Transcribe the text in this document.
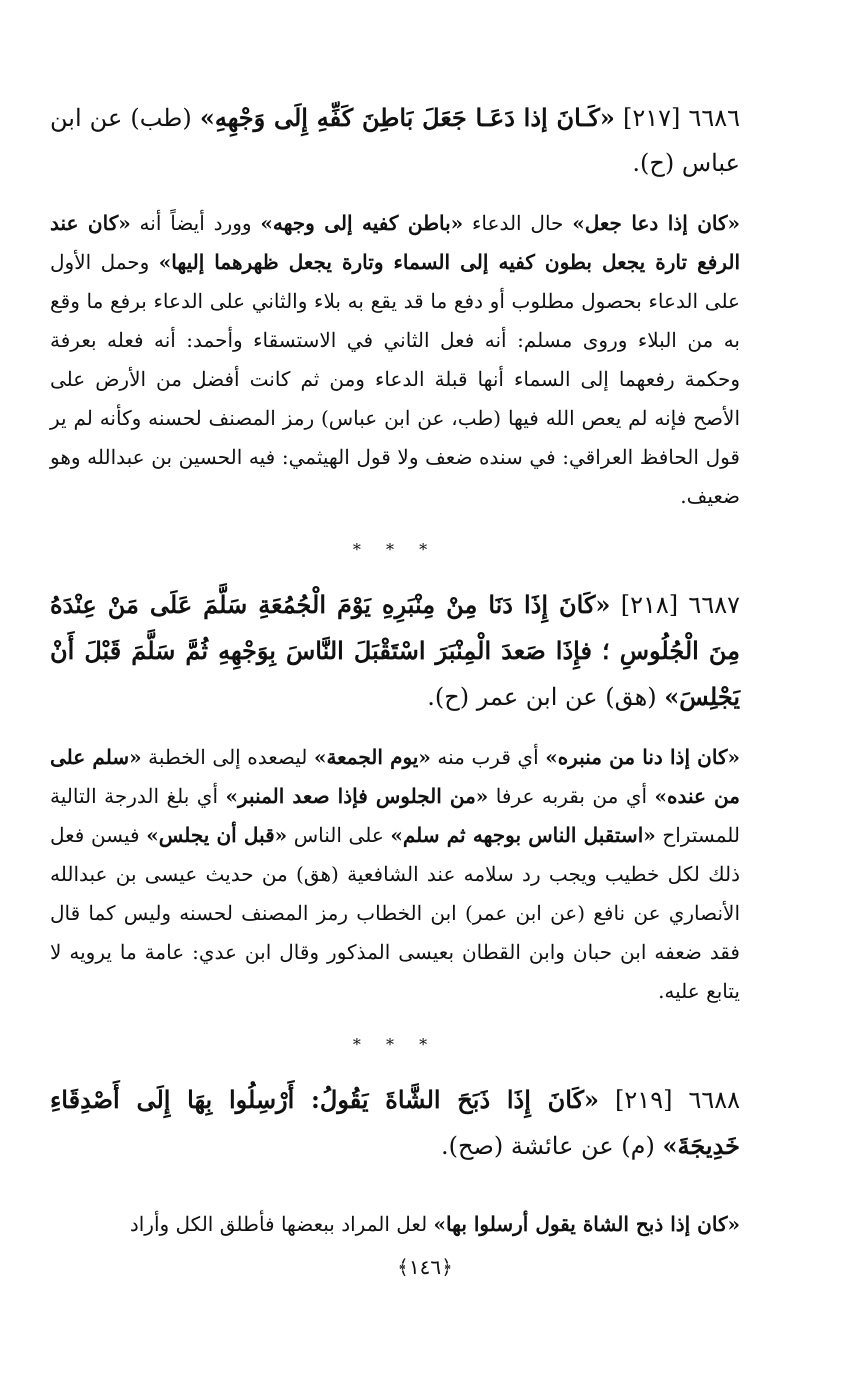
٦٦٨٦ [٢١٧] «كَـانَ إذا دَعَـا جَعَلَ بَاطِنَ كَفِّهِ إِلَى وَجْهِهِ» (طب) عن ابن عباس (ح).

«كان إذا دعا جعل» حال الدعاء «باطن كفيه إلى وجهه» وورد أيضاً أنه «كان عند الرفع تارة يجعل بطون كفيه إلى السماء وتارة يجعل ظهرهما إليها» وحمل الأول على الدعاء بحصول مطلوب أو دفع ما قد يقع به بلاء والثاني على الدعاء برفع ما وقع به من البلاء وروى مسلم: أنه فعل الثاني في الاستسقاء وأحمد: أنه فعله بعرفة وحكمة رفعهما إلى السماء أنها قبلة الدعاء ومن ثم كانت أفضل من الأرض على الأصح فإنه لم يعص الله فيها (طب، عن ابن عباس) رمز المصنف لحسنه وكأنه لم ير قول الحافظ العراقي: في سنده ضعف ولا قول الهيثمي: فيه الحسين بن عبدالله وهو ضعيف.

* * *

٦٦٨٧ [٢١٨] «كَانَ إِذَا دَنَا مِنْ مِنْبَرِهِ يَوْمَ الْجُمُعَةِ سَلَّمَ عَلَى مَنْ عِنْدَهُ مِنَ الْجُلُوسِ ؛ فإِذَا صَعدَ الْمِنْبَرَ اسْتَقْبَلَ النَّاسَ بِوَجْهِهِ ثُمَّ سَلَّمَ قَبْلَ أَنْ يَجْلِسَ» (هق) عن ابن عمر (ح).

«كان إذا دنا من منبره» أي قرب منه «يوم الجمعة» ليصعده إلى الخطبة «سلم على من عنده» أي من بقربه عرفا «من الجلوس فإذا صعد المنبر» أي بلغ الدرجة التالية للمستراح «استقبل الناس بوجهه ثم سلم» على الناس «قبل أن يجلس» فيسن فعل ذلك لكل خطيب ويجب رد سلامه عند الشافعية (هق) من حديث عيسى بن عبدالله الأنصاري عن نافع (عن ابن عمر) ابن الخطاب رمز المصنف لحسنه وليس كما قال فقد ضعفه ابن حبان وابن القطان بعيسى المذكور وقال ابن عدي: عامة ما يرويه لا يتابع عليه.

* * *

٦٦٨٨ [٢١٩] «كَانَ إِذَا ذَبَحَ الشَّاةَ يَقُولُ: أَرْسِلُوا بِهَا إِلَى أَصْدِقَاءِ خَدِيجَةَ» (م) عن عائشة (صح).

«كان إذا ذبح الشاة يقول أرسلوا بها» لعل المراد ببعضها فأطلق الكل وأراد

﴿١٤٦﴾
